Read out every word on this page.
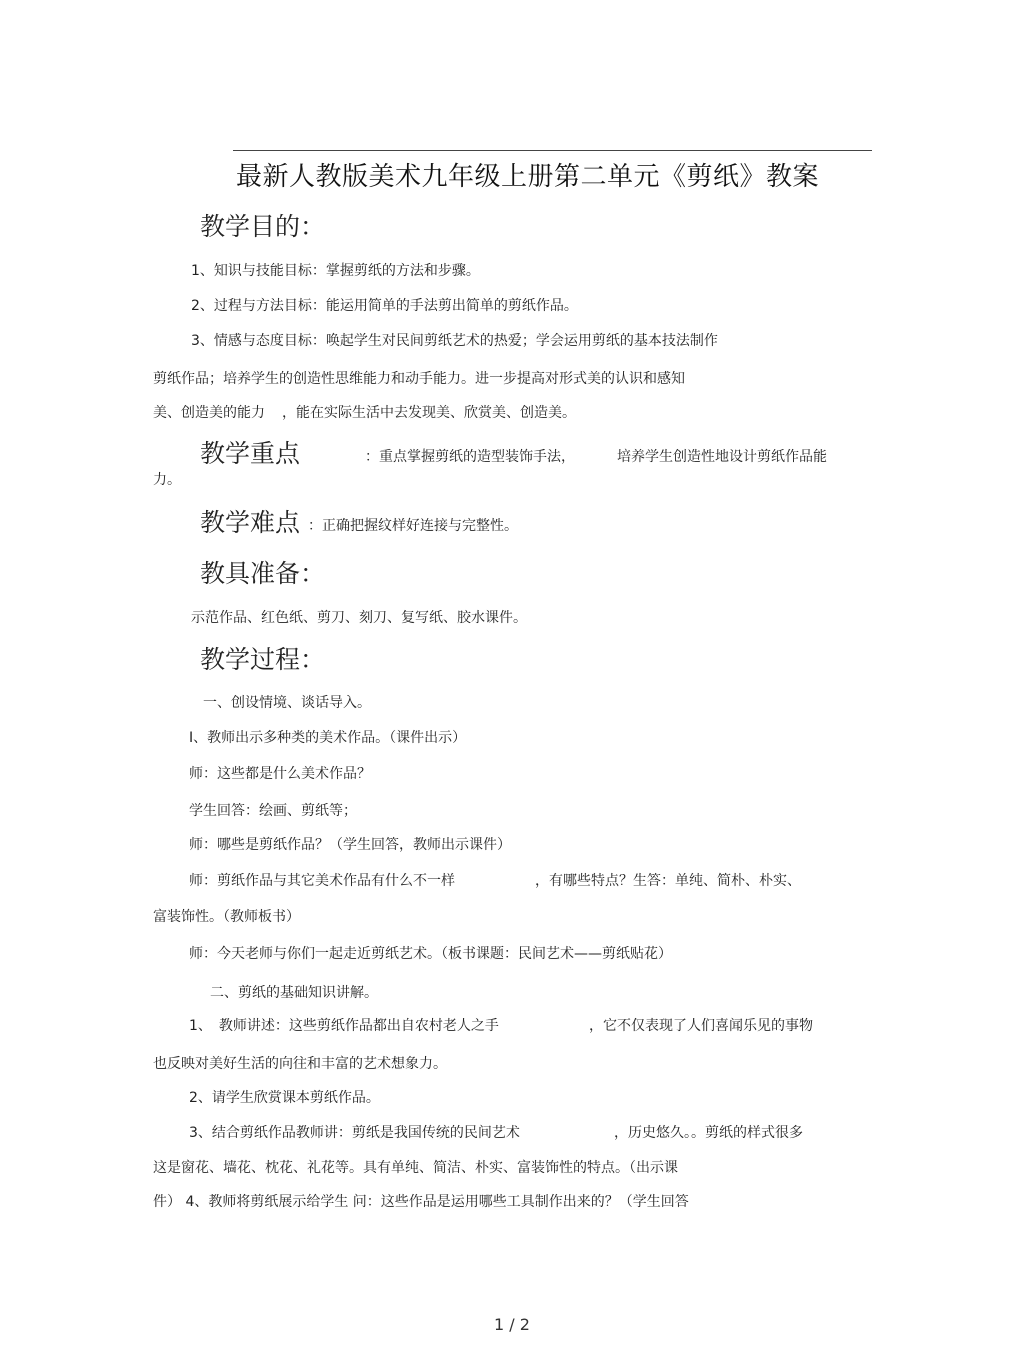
最新人教版美术九年级上册第二单元《剪纸》教案
教学目的：
1、知识与技能目标：掌握剪纸的方法和步骤。
2、过程与方法目标：能运用简单的手法剪出简单的剪纸作品。
3、情感与态度目标：唤起学生对民间剪纸艺术的热爱；学会运用剪纸的基本技法制作
剪纸作品；培养学生的创造性思维能力和动手能力。进一步提高对形式美的认识和感知
美、创造美的能力 ，能在实际生活中去发现美、欣赏美、创造美。
教学重点	：重点掌握剪纸的造型装饰手法，	培养学生创造性地设计剪纸作品能
力。
教学难点 ：正确把握纹样好连接与完整性。
教具准备：
示范作品、红色纸、剪刀、刻刀、复写纸、胶水课件。
教学过程：
一、创设情境、谈话导入。
I、教师出示多种类的美术作品。（课件出示）
师：这些都是什么美术作品？
学生回答：绘画、剪纸等；
师：哪些是剪纸作品？（学生回答，教师出示课件）
师：剪纸作品与其它美术作品有什么不一样	，有哪些特点？生答：单纯、简朴、朴实、
富装饰性。（教师板书）
师：今天老师与你们一起走近剪纸艺术。（板书课题：民间艺术——剪纸贴花）
二、剪纸的基础知识讲解。
1、　教师讲述：这些剪纸作品都出自农村老人之手	，它不仅表现了人们喜闻乐见的事物
也反映对美好生活的向往和丰富的艺术想象力。
2、请学生欣赏课本剪纸作品。
3、结合剪纸作品教师讲：剪纸是我国传统的民间艺术	，历史悠久。。剪纸的样式很多
这是窗花、墙花、枕花、礼花等。具有单纯、简洁、朴实、富装饰性的特点。（出示课
件） 4、教师将剪纸展示给学生 问：这些作品是运用哪些工具制作出来的？（学生回答
1 / 2
